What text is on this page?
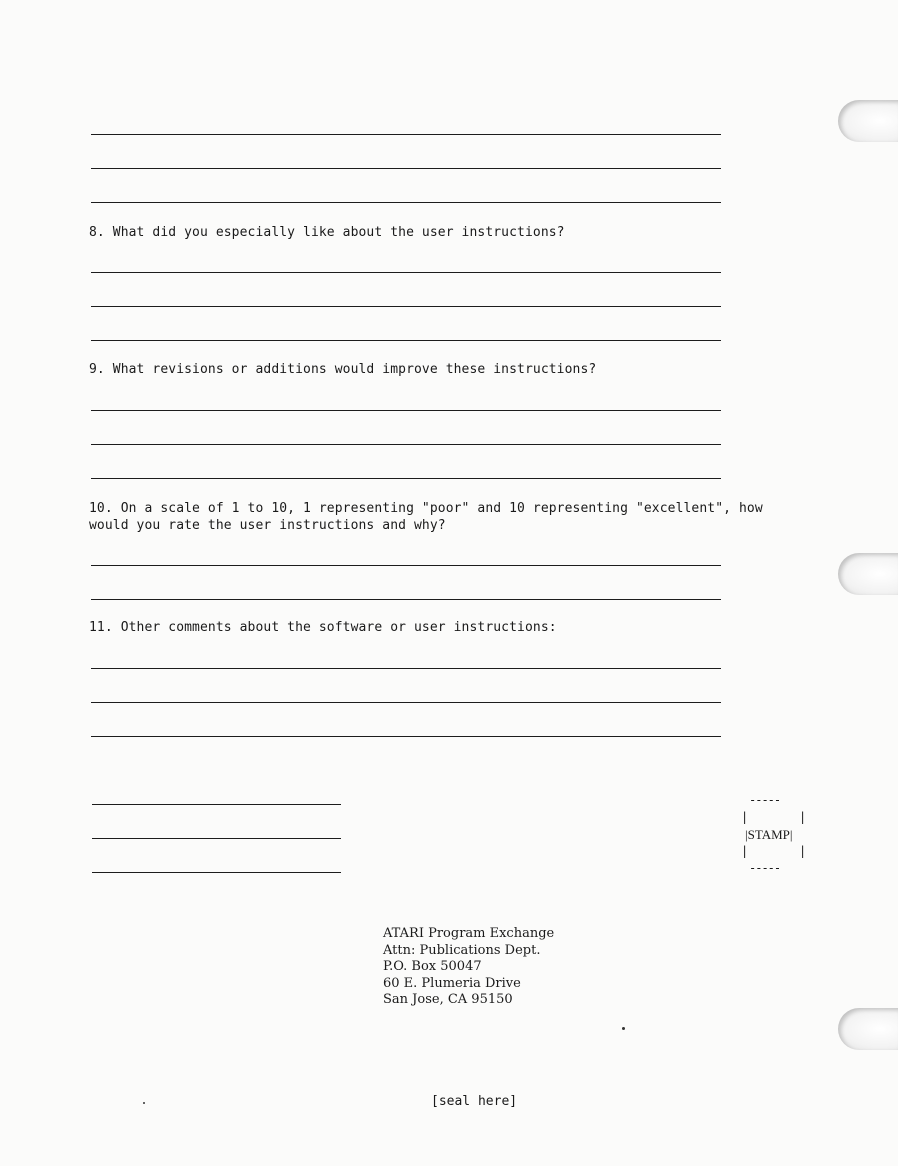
8. What did you especially like about the user instructions?
9. What revisions or additions would improve these instructions?
10. On a scale of 1 to 10, 1 representing "poor" and 10 representing "excellent", how would you rate the user instructions and why?
11. Other comments about the software or user instructions:
-----
|	|
|STAMP|
|	|
-----
ATARI Program Exchange
Attn: Publications Dept.
P.O. Box 50047
60 E. Plumeria Drive
San Jose, CA 95150
[seal here]
